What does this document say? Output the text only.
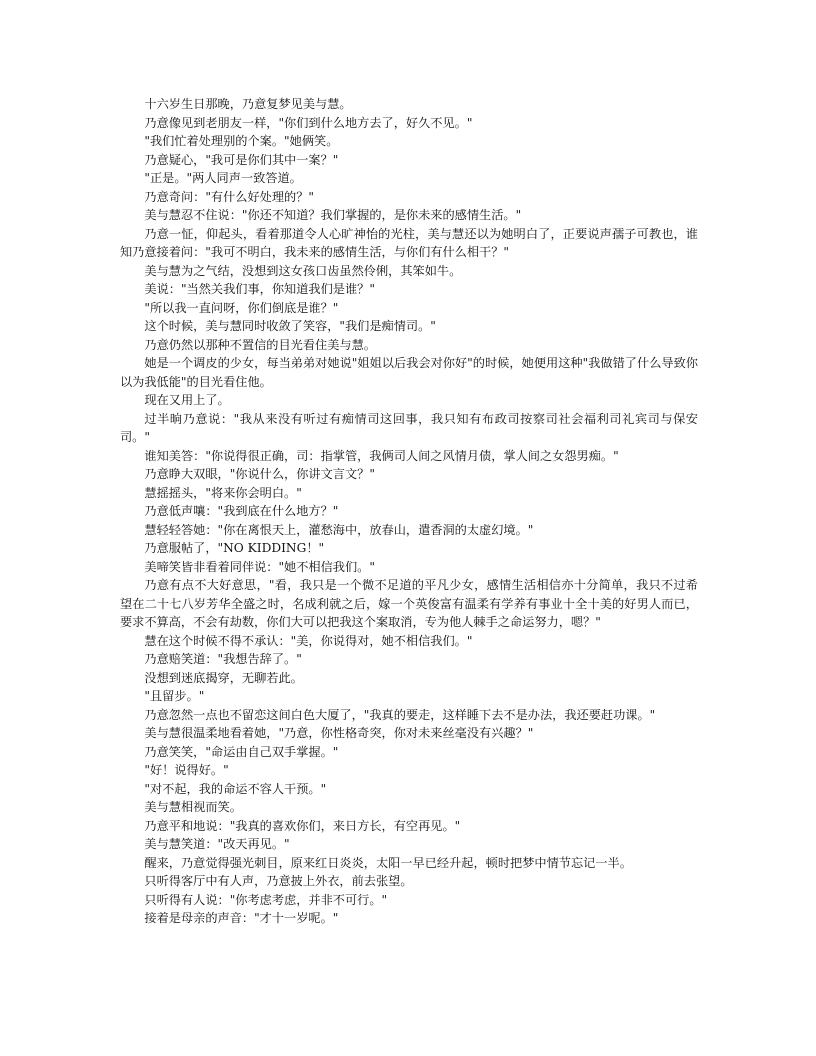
十六岁生日那晚，乃意复梦见美与慧。

乃意像见到老朋友一样，"你们到什么地方去了，好久不见。"

"我们忙着处理别的个案。"她俩笑。

乃意疑心，"我可是你们其中一案？"

"正是。"两人同声一致答道。

乃意奇问："有什么好处理的？"

美与慧忍不住说："你还不知道？我们掌握的，是你未来的感情生活。"

乃意一怔，仰起头，看着那道令人心旷神怡的光柱，美与慧还以为她明白了，正要说声孺子可教也，谁知乃意接着问："我可不明白，我未来的感情生活，与你们有什么相干？"

美与慧为之气结，没想到这女孩口齿虽然伶俐，其笨如牛。

美说："当然关我们事，你知道我们是谁？"

"所以我一直问呀，你们倒底是谁？"

这个时候，美与慧同时收敛了笑容，"我们是痴情司。"

乃意仍然以那种不置信的目光看住美与慧。

她是一个调皮的少女，每当弟弟对她说"姐姐以后我会对你好"的时候，她便用这种"我做错了什么导致你以为我低能"的目光看住他。

现在又用上了。

过半晌乃意说："我从来没有听过有痴情司这回事，我只知有布政司按察司社会福利司礼宾司与保安司。"

谁知美答："你说得很正确，司：指掌管，我俩司人间之风情月债，掌人间之女怨男痴。"

乃意睁大双眼，"你说什么，你讲文言文？"

慧摇摇头，"将来你会明白。"

乃意低声嚷："我到底在什么地方？"

慧轻轻答她："你在离恨天上，灌愁海中，放春山，遣香洞的太虚幻境。"

乃意服帖了，"NO KIDDING！"

美啼笑皆非看着同伴说："她不相信我们。"

乃意有点不大好意思，"看，我只是一个微不足道的平凡少女，感情生活相信亦十分简单，我只不过希望在二十七八岁芳华全盛之时，名成利就之后，嫁一个英俊富有温柔有学养有事业十全十美的好男人而已，要求不算高，不会有劫数，你们大可以把我这个案取消，专为他人棘手之命运努力，嗯？"

慧在这个时候不得不承认："美，你说得对，她不相信我们。"

乃意赔笑道："我想告辞了。"

没想到迷底揭穿，无聊若此。

"且留步。"

乃意忽然一点也不留恋这间白色大厦了，"我真的要走，这样睡下去不是办法，我还要赶功课。"

美与慧很温柔地看着她，"乃意，你性格奇突，你对未来丝毫没有兴趣？"

乃意笑笑，"命运由自己双手掌握。"

"好！说得好。"

"对不起，我的命运不容人干预。"

美与慧相视而笑。

乃意平和地说："我真的喜欢你们，来日方长，有空再见。"

美与慧笑道："改天再见。"

醒来，乃意觉得强光刺目，原来红日炎炎，太阳一早已经升起，顿时把梦中情节忘记一半。

只听得客厅中有人声，乃意披上外衣，前去张望。

只听得有人说："你考虑考虑，并非不可行。"

接着是母亲的声音："才十一岁呢。"
